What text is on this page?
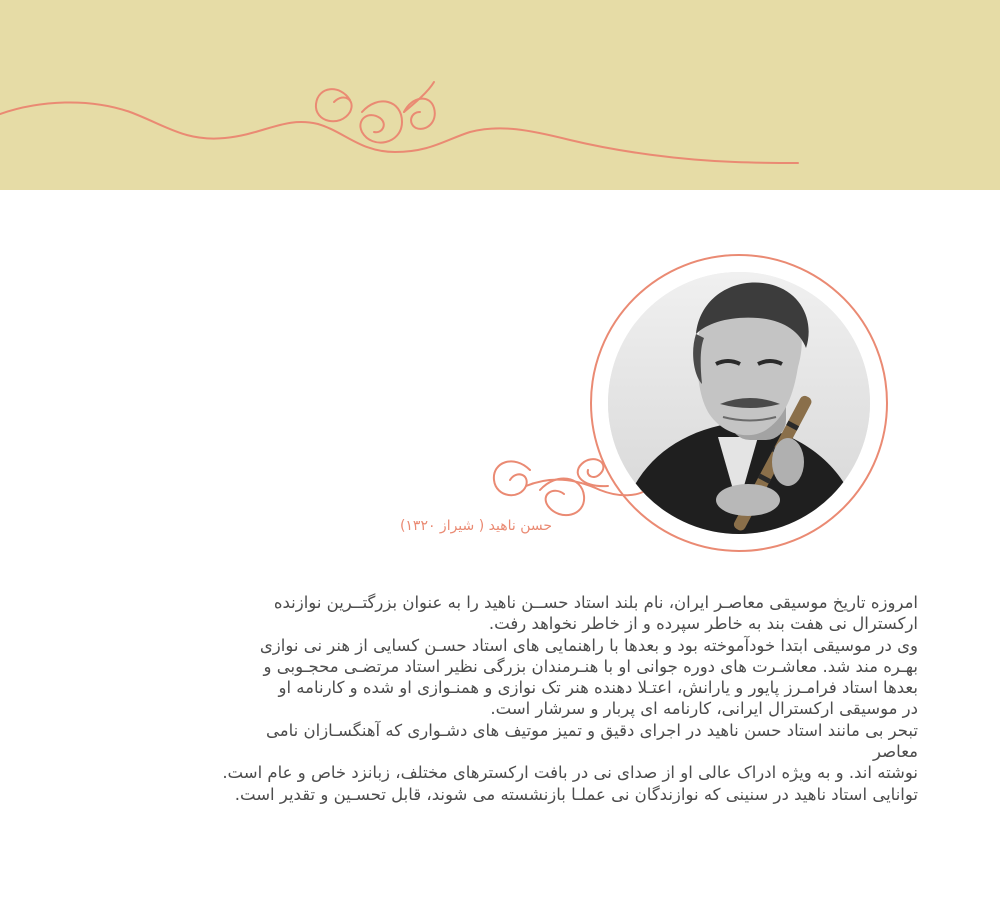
حسن ناهید ( شیراز ۱۳۲۰)

امروزه تاریخ موسیقی معاصـر ایران، نام بلند استاد حســن ناهید را به عنوان بزرگتــرین نوازنده

ارکسترال نی هفت بند به خاطر سپرده و از خاطر نخواهد رفت.

وی در موسیقی ابتدا خودآموخته بود و بعدها با راهنمایی های استاد حسـن کسایی از هنر نی نوازی

بهـره مند شد. معاشـرت های دوره جوانی او با هنـرمندان بزرگی نظیر استاد مرتضـی محجـوبی و

بعدها استاد فرامـرز پایور و یارانش، اعتـلا دهنده هنر تک نوازی و همنـوازی او شده و کارنامه او

در موسیقی ارکسترال ایرانی، کارنامه ای پربار و سرشار است.

تبحر بی مانند استاد حسن ناهید در اجرای دقیق و تمیز موتیف های دشـواری که آهنگسـازان نامی

معاصر

نوشته اند. و به ویژه ادراک عالی او از صدای نی در بافت ارکسترهای مختلف، زبانزد خاص و عام است.

توانایی استاد ناهید در سنینی که نوازندگان نی عملـا بازنشسته می شوند، قابل تحسـین و تقدیر است.
